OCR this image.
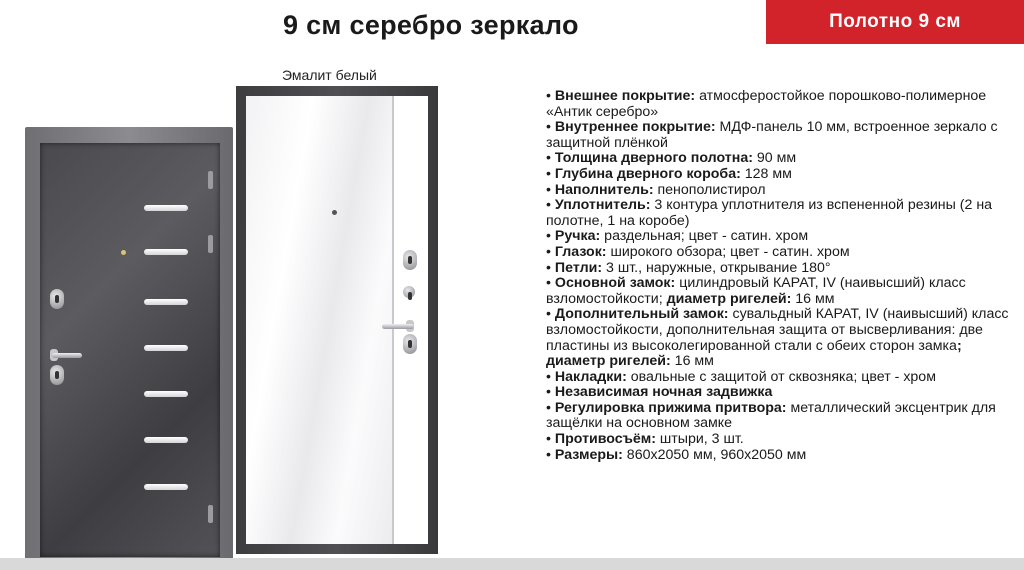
9 см серебро зеркало	Полотно 9 см
Эмалит белый

• Внешнее покрытие: атмосферостойкое порошково-полимерное «Антик серебро»

• Внутреннее покрытие: МДФ-панель 10 мм, встроенное зеркало с защитной плёнкой

• Толщина дверного полотна: 90 мм

• Глубина дверного короба: 128 мм

• Наполнитель: пенополистирол

• Уплотнитель: 3 контура уплотнителя из вспененной резины (2 на полотне, 1 на коробе)

• Ручка: раздельная; цвет - сатин. хром

• Глазок: широкого обзора; цвет - сатин. хром

• Петли: 3 шт., наружные, открывание 180°

• Основной замок: цилиндровый КАРАТ, IV (наивысший) класс взломостойкости; диаметр ригелей: 16 мм

• Дополнительный замок: сувальдный КАРАТ, IV (наивысший) класс взломостойкости, дополнительная защита от высверливания: две пластины из высоколегированной стали с обеих сторон замка; диаметр ригелей: 16 мм

• Накладки: овальные с защитой от сквозняка; цвет - хром

• Независимая ночная задвижка

• Регулировка прижима притвора: металлический эксцентрик для защёлки на основном замке

• Противосъём: штыри, 3 шт.

• Размеры: 860х2050 мм, 960х2050 мм
